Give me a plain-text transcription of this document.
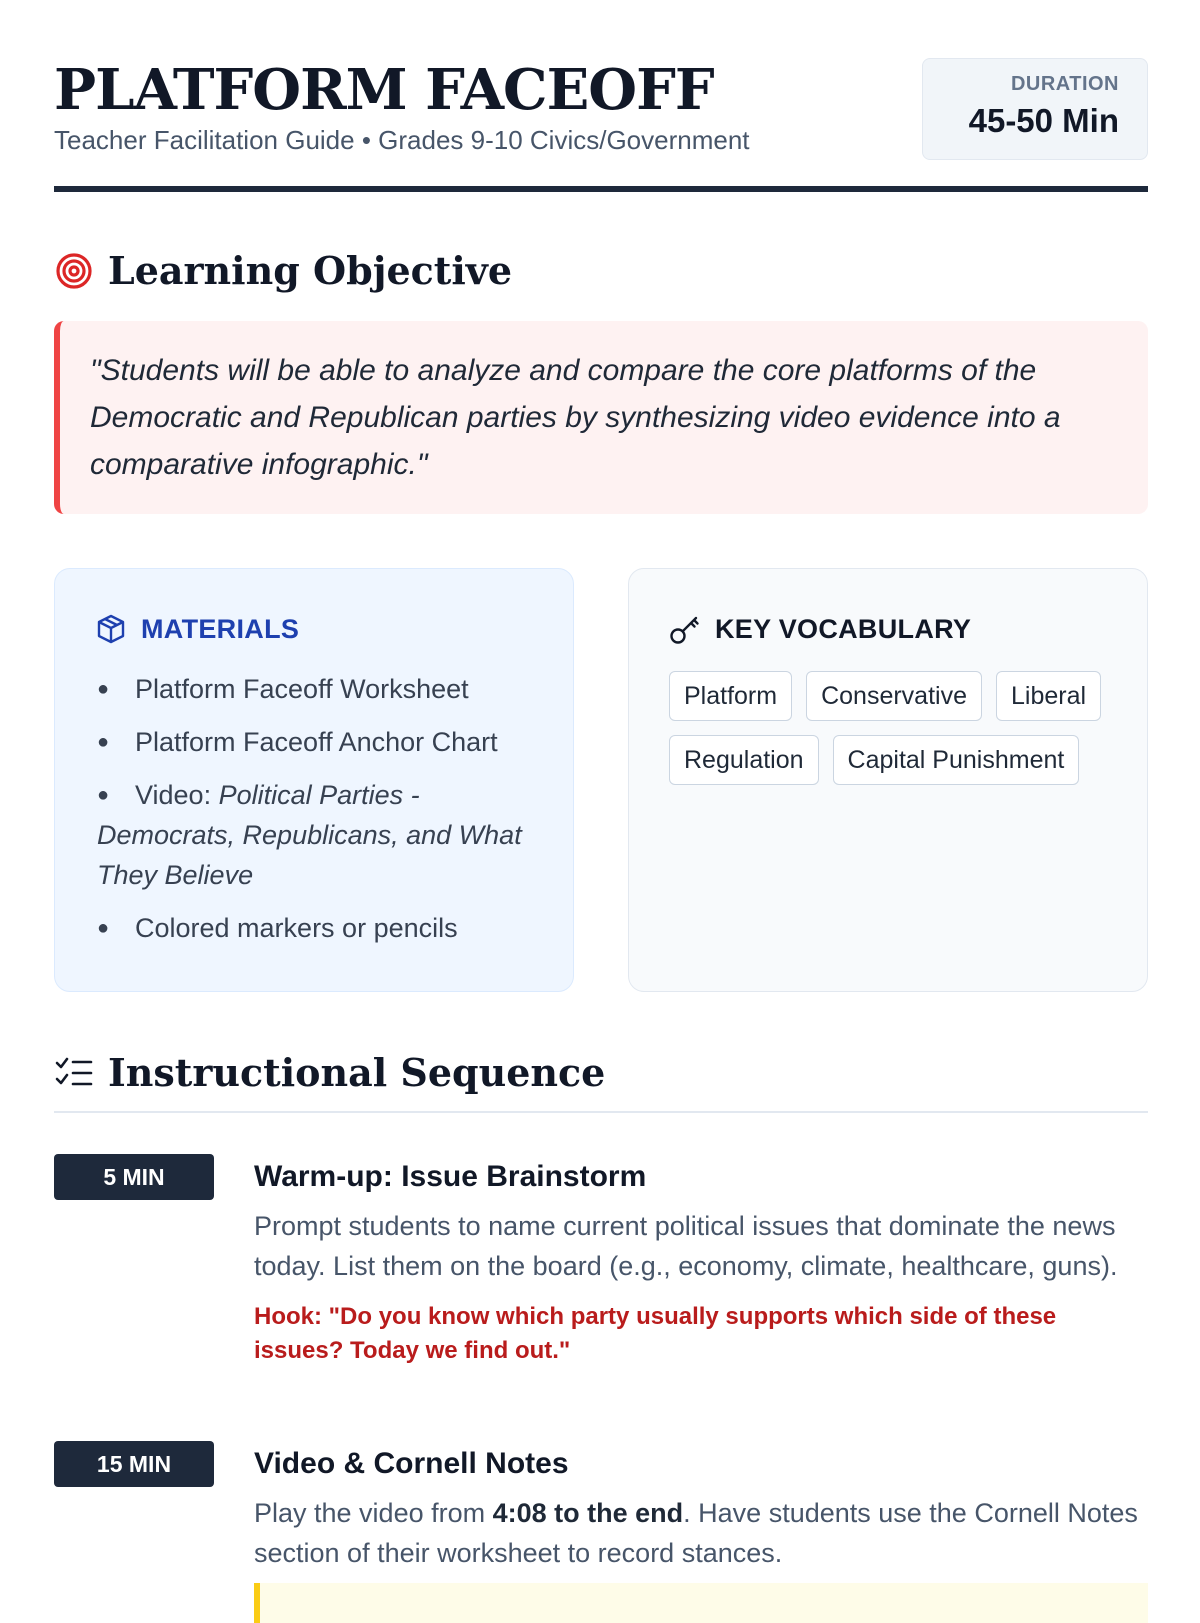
PLATFORM FACEOFF
Teacher Facilitation Guide • Grades 9-10 Civics/Government
DURATION
45-50 Min
Learning Objective
"Students will be able to analyze and compare the core platforms of the Democratic and Republican parties by synthesizing video evidence into a comparative infographic."
MATERIALS
● Platform Faceoff Worksheet
● Platform Faceoff Anchor Chart
● Video: Political Parties - Democrats, Republicans, and What They Believe
● Colored markers or pencils
KEY VOCABULARY
Platform	Conservative	Liberal
Regulation	Capital Punishment
Instructional Sequence
5 MIN	Warm-up: Issue Brainstorm

Prompt students to name current political issues that dominate the news today. List them on the board (e.g., economy, climate, healthcare, guns).

Hook: "Do you know which party usually supports which side of these issues? Today we find out."

15 MIN	Video & Cornell Notes

Play the video from 4:08 to the end. Have students use the Cornell Notes section of their worksheet to record stances.
